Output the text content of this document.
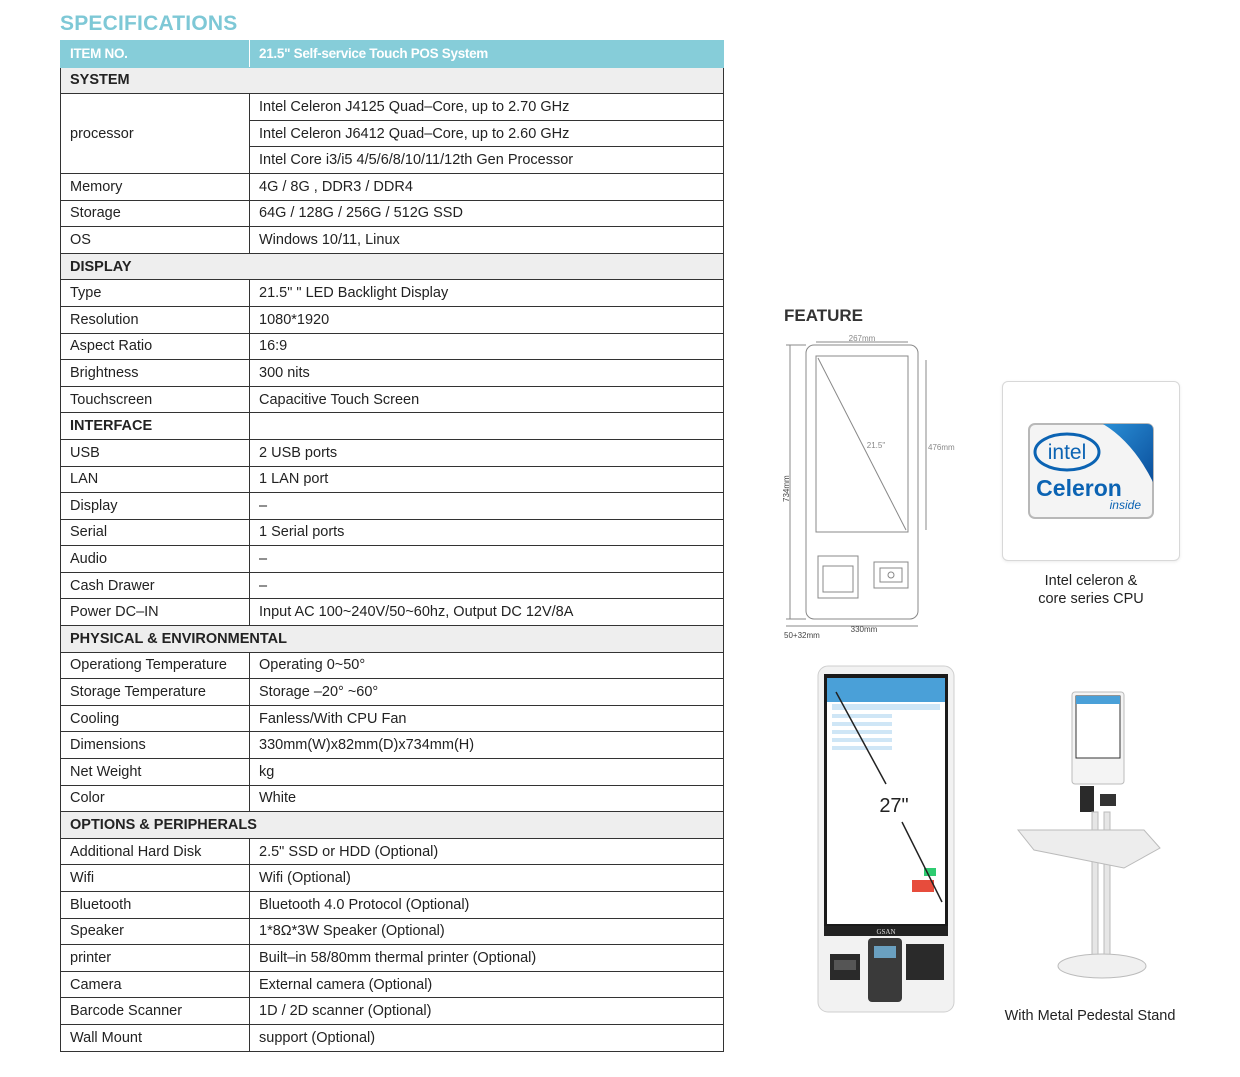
SPECIFICATIONS
ITEM NO.	21.5" Self-service Touch POS System
SYSTEM	
processor	Intel Celeron J4125 Quad–Core, up to 2.70 GHz
	Intel Celeron J6412 Quad–Core, up to 2.60 GHz
	Intel Core i3/i5 4/5/6/8/10/11/12th Gen Processor
Memory	4G / 8G , DDR3 / DDR4
Storage	64G / 128G / 256G / 512G SSD
OS	Windows 10/11, Linux
DISPLAY	
Type	21.5" " LED Backlight Display
Resolution	1080*1920
Aspect Ratio	16:9
Brightness	300 nits
Touchscreen	Capacitive Touch Screen
INTERFACE	
USB	2 USB ports
LAN	1 LAN port
Display	–
Serial	1 Serial ports
Audio	–
Cash Drawer	–
Power DC–IN	Input AC 100~240V/50~60hz, Output DC 12V/8A
PHYSICAL & ENVIRONMENTAL	
Operationg Temperature	Operating 0~50°
Storage Temperature	Storage –20° ~60°
Cooling	Fanless/With CPU Fan
Dimensions	330mm(W)x82mm(D)x734mm(H)
Net Weight	kg
Color	White
OPTIONS & PERIPHERALS	
Additional Hard Disk	2.5" SSD or HDD (Optional)
Wifi	Wifi (Optional)
Bluetooth	Bluetooth 4.0 Protocol (Optional)
Speaker	1*8Ω*3W Speaker (Optional)
printer	Built–in 58/80mm thermal printer (Optional)
Camera	External camera (Optional)
Barcode Scanner	1D / 2D scanner (Optional)
Wall Mount	support (Optional)
FEATURE
267mm
21.5"	476mm
330mm
50+32mm
734mm
intel
Celeron
inside
Intel celeron &
core series CPU
27"
GSAN
With Metal Pedestal Stand
